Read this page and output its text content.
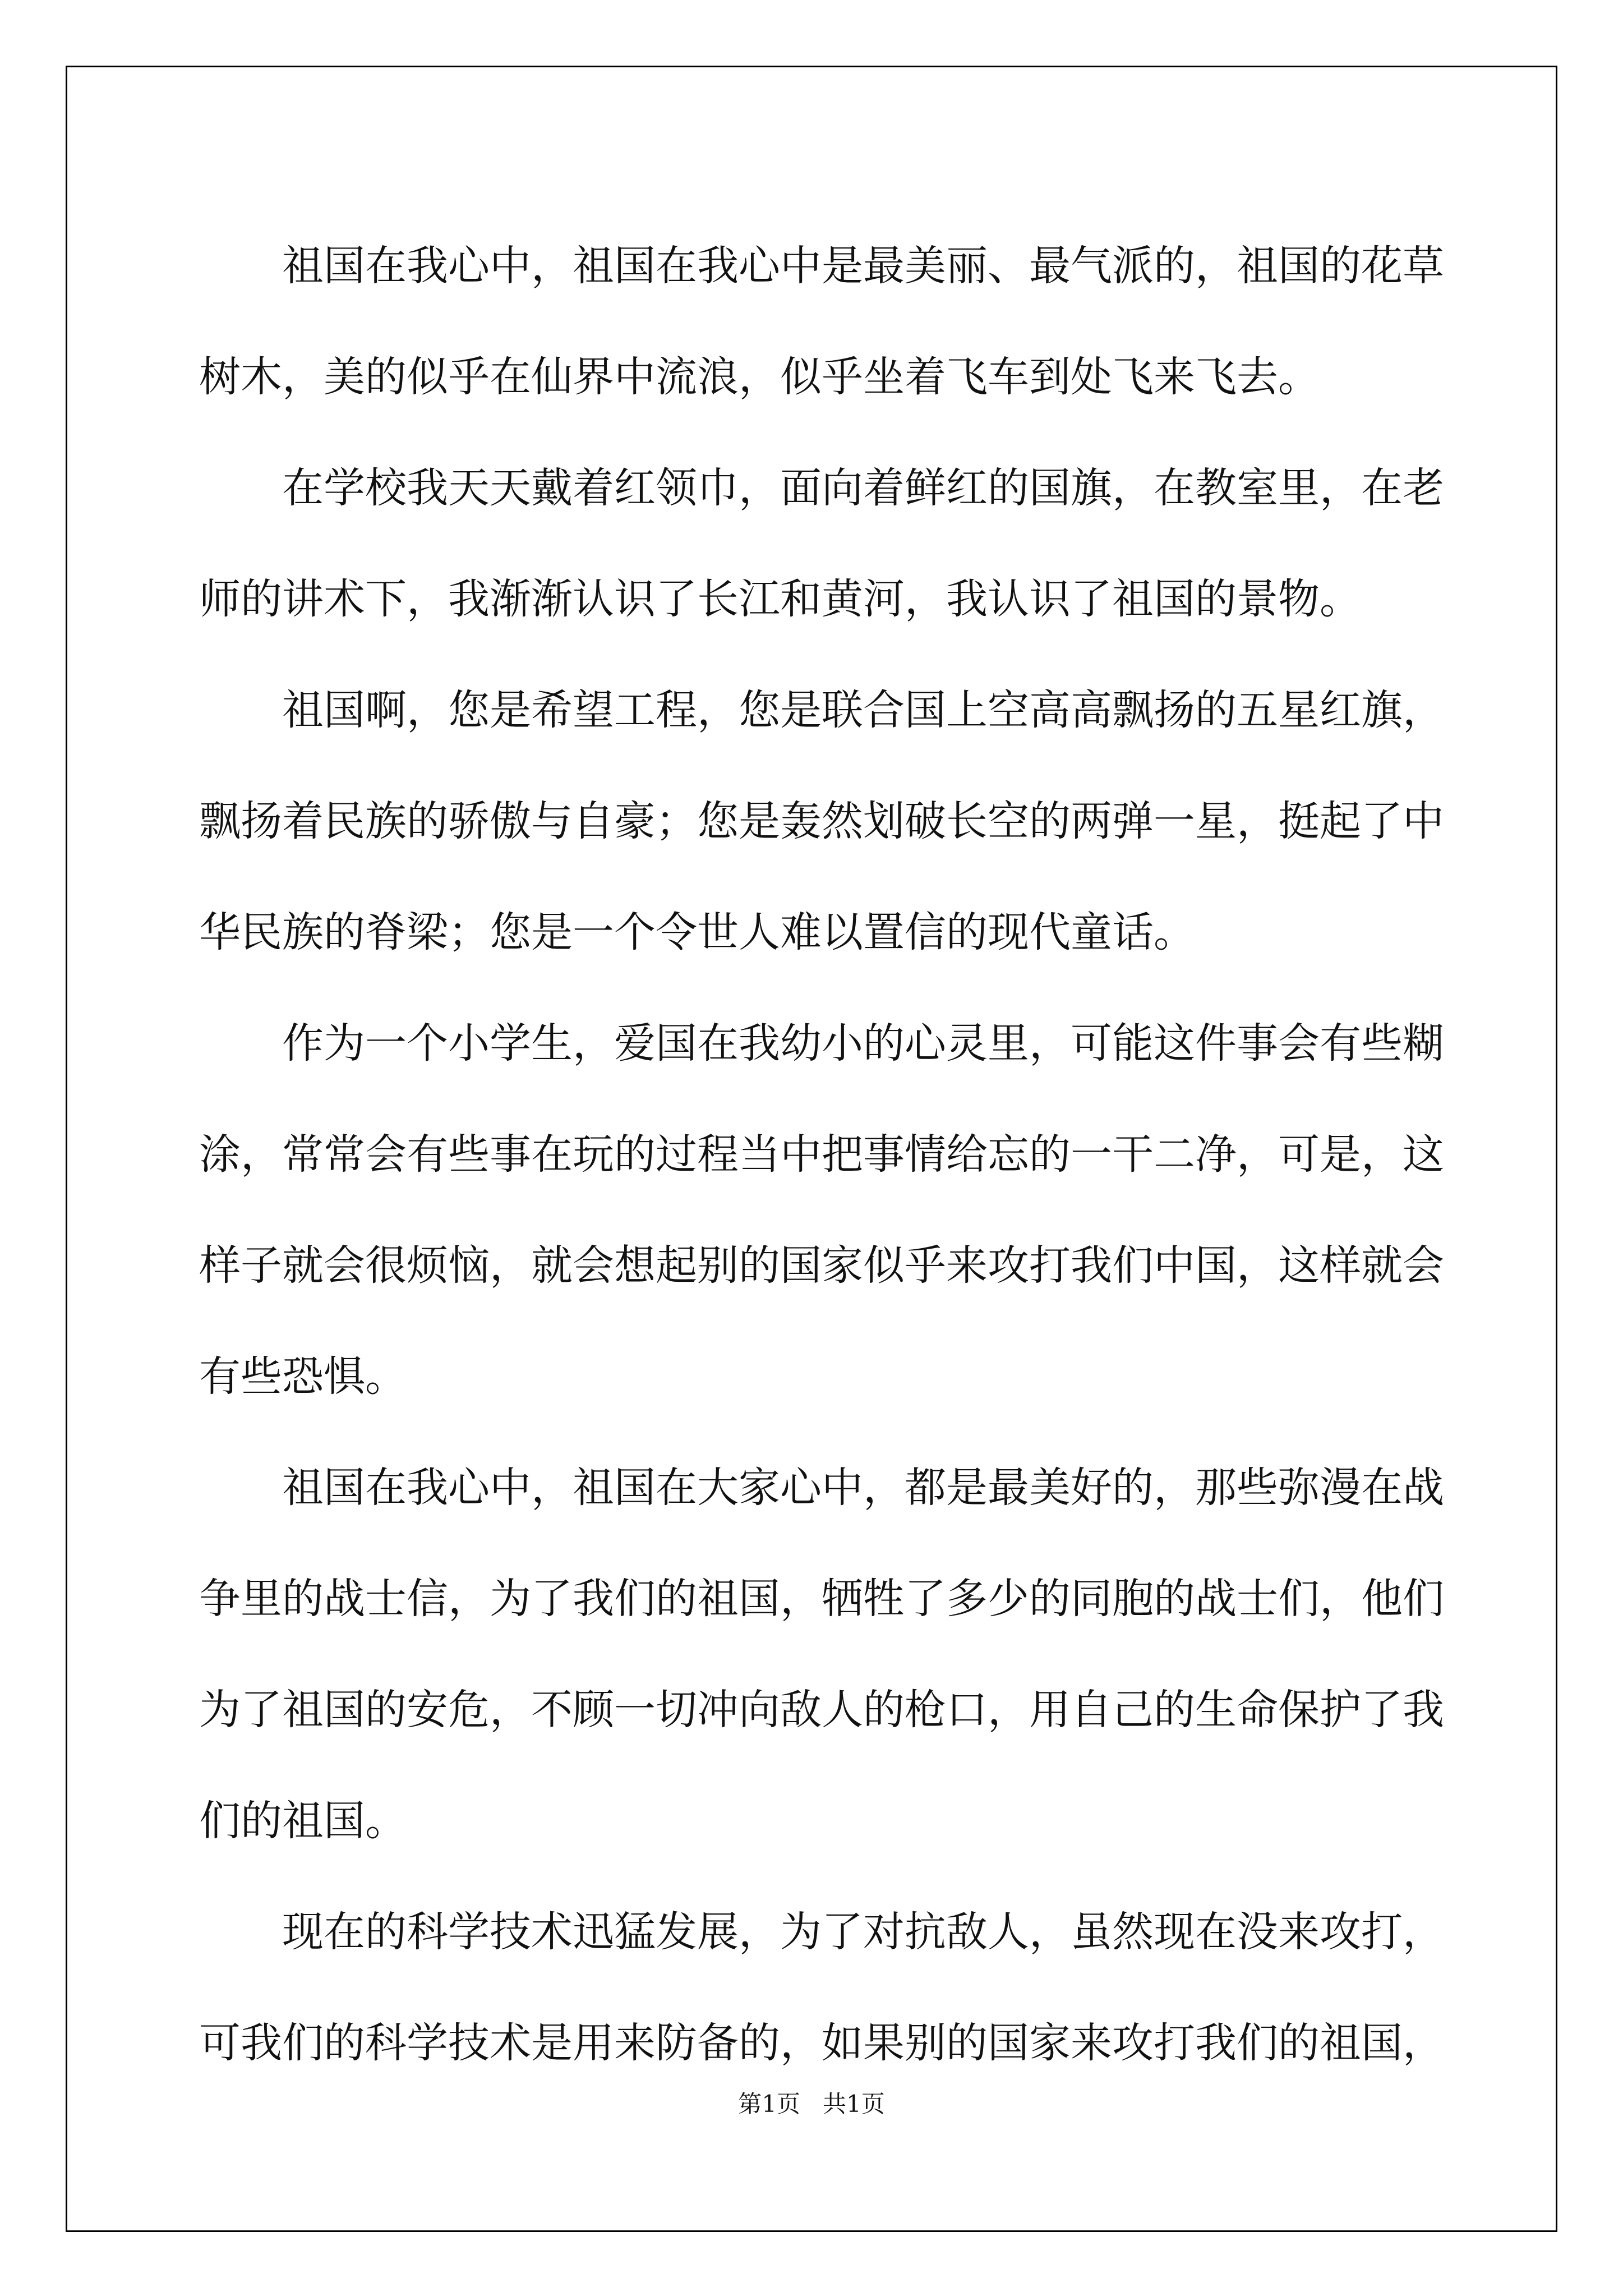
祖国在我心中，祖国在我心中是最美丽、最气派的，祖国的花草
树木，美的似乎在仙界中流浪，似乎坐着飞车到处飞来飞去。
在学校我天天戴着红领巾，面向着鲜红的国旗，在教室里，在老
师的讲术下，我渐渐认识了长江和黄河，我认识了祖国的景物。
祖国啊，您是希望工程，您是联合国上空高高飘扬的五星红旗，
飘扬着民族的骄傲与自豪；您是轰然划破长空的两弹一星，挺起了中
华民族的脊梁；您是一个令世人难以置信的现代童话。
作为一个小学生，爱国在我幼小的心灵里，可能这件事会有些糊
涂，常常会有些事在玩的过程当中把事情给忘的一干二净，可是，这
样子就会很烦恼，就会想起别的国家似乎来攻打我们中国，这样就会
有些恐惧。
祖国在我心中，祖国在大家心中，都是最美好的，那些弥漫在战
争里的战士信，为了我们的祖国，牺牲了多少的同胞的战士们，他们
为了祖国的安危，不顾一切冲向敌人的枪口，用自己的生命保护了我
们的祖国。
现在的科学技术迅猛发展，为了对抗敌人，虽然现在没来攻打，
可我们的科学技术是用来防备的，如果别的国家来攻打我们的祖国，
第1页 共1页
